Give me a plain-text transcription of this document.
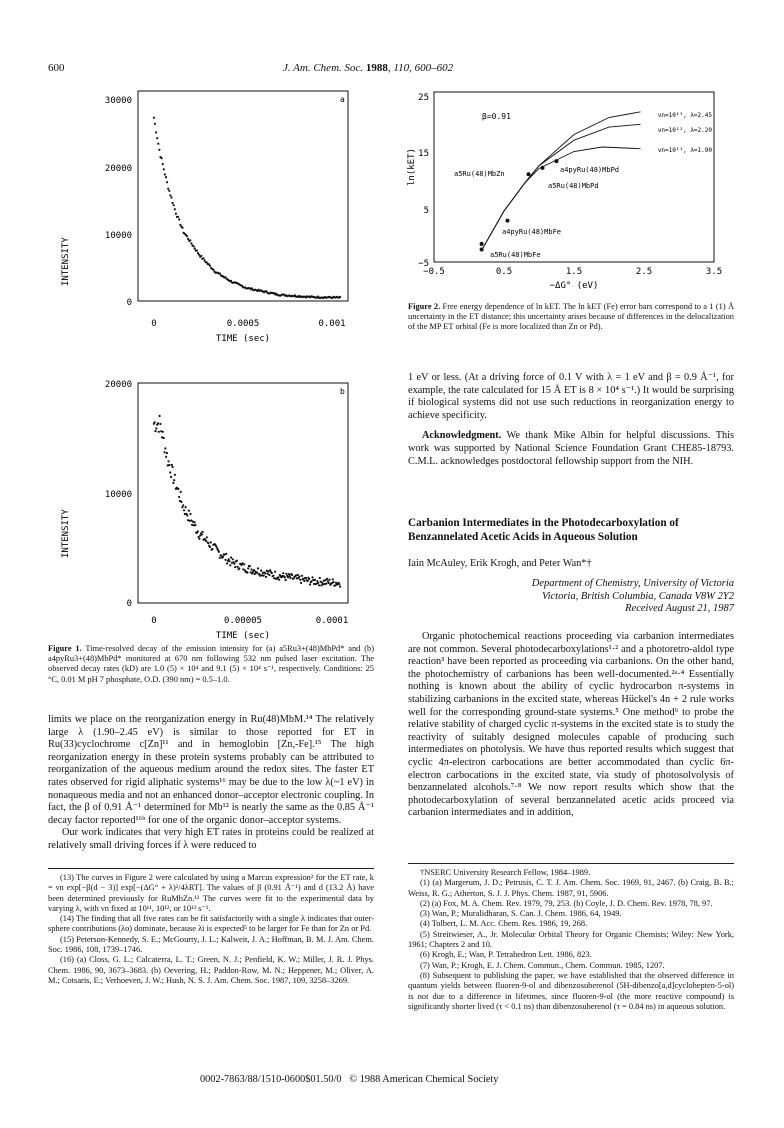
600	J. Am. Chem. Soc. 1988, 110, 600–602
INTENSITY
a
30000
20000
10000
0
0	0.0005	0.001
TIME (sec)
INTENSITY
b
20000
10000
0
0	0.00005	0.0001
TIME (sec)
Figure 1. Time-resolved decay of the emission intensity for (a) a5Ru3+(48)MbPd* and (b) a4pyRu3+(48)MbPd* monitored at 670 nm following 532 nm pulsed laser excitation. The observed decay rates (kD) are 1.0 (5) × 10⁴ and 9.1 (5) × 10⁴ s⁻¹, respectively. Conditions: 25 °C, 0.01 M pH 7 phosphate, O.D. (390 nm) = 0.5–1.0.

limits we place on the reorganization energy in Ru(48)MbM.¹⁴ The relatively large λ (1.90–2.45 eV) is similar to those reported for ET in Ru(33)cyclochrome c[Zn]¹¹ and in hemoglobin [Zn,-Fe].¹⁵ The high reorganization energy in these protein systems probably can be attributed to reorganization of the aqueous medium around the redox sites. The faster ET rates observed for rigid aliphatic systems¹⁶ may be due to the low λ(~1 eV) in nonaqueous media and not an enhanced donor–acceptor electronic coupling. In fact, the β of 0.91 Å⁻¹ determined for Mb¹² is nearly the same as the 0.85 Å⁻¹ decay factor reported¹⁶ᵇ for one of the organic donor–acceptor systems.

Our work indicates that very high ET rates in proteins could be realized at relatively small driving forces if λ were reduced to

(13) The curves in Figure 2 were calculated by using a Marcus expression² for the ET rate, k = νn exp[−β(d − 3)] exp[−(ΔG° + λ)²/4λRT]. The values of β (0.91 Å⁻¹) and d (13.2 Å) have been determined previously for RuMbZn.¹² The curves were fit to the experimental data by varying λ, with νn fixed at 10¹¹, 10¹², or 10¹³ s⁻¹.

(14) The finding that all five rates can be fit satisfactorily with a single λ indicates that outer-sphere contributions (λo) dominate, because λi is expected⁵ to be larger for Fe than for Zn or Pd.

(15) Peterson-Kennedy, S. E.; McGourty, J. L.; Kalweit, J. A.; Hoffman, B. M. J. Am. Chem. Soc. 1986, 108, 1739–1746.

(16) (a) Closs, G. L.; Calcaterra, L. T.; Green, N. J.; Penfield, K. W.; Miller, J. R. J. Phys. Chem. 1986, 90, 3673–3683. (b) Oevering, H.; Paddon-Row, M. N.; Heppener, M.; Oliver, A. M.; Cotsaris, E.; Verhoeven, J. W.; Hush, N. S. J. Am. Chem. Soc. 1987, 109, 3258–3269.

ln(kET)
25
15
5
−5
−0.5	0.5	1.5	2.5	3.5
−ΔG° (eV)
β=0.91	νn=10¹³, λ=2.45
νn=10¹², λ=2.20
νn=10¹¹, λ=1.90
a5Ru(48)MbZn	a4pyRu(48)MbPd
a5Ru(48)MbPd
a4pyRu(48)MbFe
a5Ru(48)MbFe
Figure 2. Free energy dependence of ln kET. The ln kET (Fe) error bars correspond to a 1 (1) Å uncertainty in the ET distance; this uncertainty arises because of differences in the delocalization of the MP ET orbital (Fe is more localized than Zn or Pd).

1 eV or less. (At a driving force of 0.1 V with λ = 1 eV and β = 0.9 Å⁻¹, for example, the rate calculated for 15 Å ET is 8 × 10⁴ s⁻¹.) It would be surprising if biological systems did not use such reductions in reorganization energy to achieve specificity.

Acknowledgment. We thank Mike Albin for helpful discussions. This work was supported by National Science Foundation Grant CHE85-18793. C.M.L. acknowledges postdoctoral fellowship support from the NIH.

Carbanion Intermediates in the Photodecarboxylation of Benzannelated Acetic Acids in Aqueous Solution
Iain McAuley, Erik Krogh, and Peter Wan*†
Department of Chemistry, University of Victoria
Victoria, British Columbia, Canada V8W 2Y2
Received August 21, 1987
Organic photochemical reactions proceeding via carbanion intermediates are not common. Several photodecarboxylations¹·² and a photoretro-aldol type reaction³ have been reported as proceeding via carbanions. On the other hand, the photochemistry of carbanions has been well-documented.²ᵃ·⁴ Essentially nothing is known about the ability of cyclic hydrocarbon π-systems in stabilizing carbanions in the excited state, whereas Hückel's 4n + 2 rule works well for the corresponding ground-state systems.⁵ One method⁶ to probe the relative stability of charged cyclic π-systems in the excited state is to study the reactivity of suitably designed molecules capable of producing such intermediates on photolysis. We have thus reported results which suggest that cyclic 4π-electron carbocations are better accommodated than cyclic 6π-electron carbocations in the excited state, via study of photosolvolysis of benzannelated alcohols.⁷·⁸ We now report results which show that the photodecarboxylation of several benzannelated acetic acids proceed via carbanion intermediates and in addition,

†NSERC University Research Fellow, 1984–1989.

(1) (a) Margerum, J. D.; Petrusis, C. T. J. Am. Chem. Soc. 1969, 91, 2467. (b) Craig, B. B.; Weiss, R. G.; Atherton, S. J. J. Phys. Chem. 1987, 91, 5906.

(2) (a) Fox, M. A. Chem. Rev. 1979, 79, 253. (b) Coyle, J. D. Chem. Rev. 1978, 78, 97.

(3) Wan, P.; Muralidharan, S. Can. J. Chem. 1986, 64, 1949.

(4) Tolbert, L. M. Acc. Chem. Res. 1986, 19, 268.

(5) Streitwieser, A., Jr. Molecular Orbital Theory for Organic Chemists; Wiley: New York, 1961; Chapters 2 and 10.

(6) Krogh, E.; Wan, P. Tetrahedron Lett. 1986, 823.

(7) Wan, P.; Krogh, E. J. Chem. Commun., Chem. Commun. 1985, 1207.

(8) Subsequent to publishing the paper, we have established that the observed difference in quantum yields between fluoren-9-ol and dibenzosuberenol (5H-dibenzo[a,d]cyclohepten-5-ol) is not due to a difference in lifetimes, since fluoren-9-ol (the more reactive compound) is significantly shorter lived (τ < 0.1 ns) than dibenzosuberenol (τ = 0.84 ns) in aqueous solution.

0002-7863/88/1510-0600$01.50/0 © 1988 American Chemical Society
